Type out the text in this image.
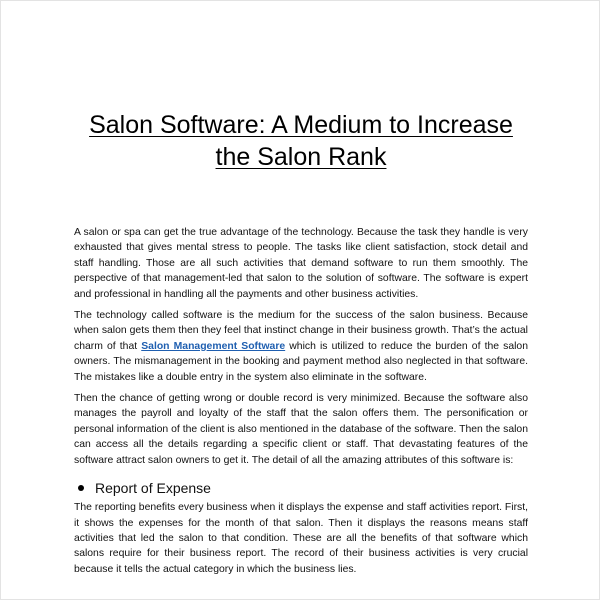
Salon Software: A Medium to Increase
the Salon Rank

A salon or spa can get the true advantage of the technology. Because the task they handle is very exhausted that gives mental stress to people. The tasks like client satisfaction, stock detail and staff handling. Those are all such activities that demand software to run them smoothly. The perspective of that management-led that salon to the solution of software. The software is expert and professional in handling all the payments and other business activities.

The technology called software is the medium for the success of the salon business. Because when salon gets them then they feel that instinct change in their business growth. That’s the actual charm of that Salon Management Software which is utilized to reduce the burden of the salon owners. The mismanagement in the booking and payment method also neglected in that software. The mistakes like a double entry in the system also eliminate in the software.

Then the chance of getting wrong or double record is very minimized. Because the software also manages the payroll and loyalty of the staff that the salon offers them. The personification or personal information of the client is also mentioned in the database of the software. Then the salon can access all the details regarding a specific client or staff. That devastating features of the software attract salon owners to get it. The detail of all the amazing attributes of this software is:

Report of Expense

The reporting benefits every business when it displays the expense and staff activities report. First, it shows the expenses for the month of that salon. Then it displays the reasons means staff activities that led the salon to that condition. These are all the benefits of that software which salons require for their business report. The record of their business activities is very crucial because it tells the actual category in which the business lies.
